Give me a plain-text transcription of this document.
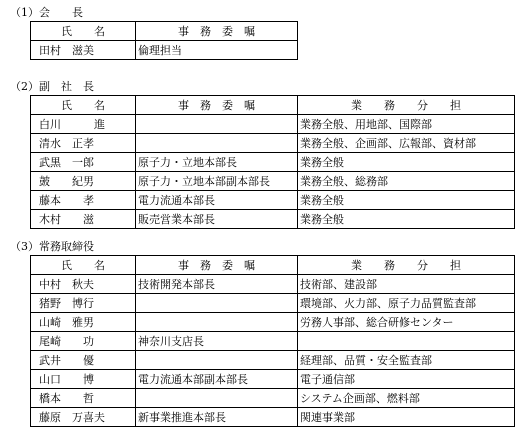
（1）会　　長
氏　　名	事　務　委　嘱
田村　滋美	倫理担当
（2）副　社　長
氏　　名	事　務　委　嘱	業　　務　　分　　担
白川　　　進		業務全般、用地部、国際部
清水　正孝		業務全般、企画部、広報部、資材部
武黒　一郎	原子力・立地本部長	業務全般
皷　　紀男	原子力・立地本部副本部長	業務全般、総務部
藤本　　孝	電力流通本部長	業務全般
木村　　滋	販売営業本部長	業務全般
（3）常務取締役
氏　　名	事　務　委　嘱	業　　務　　分　　担
中村　秋夫	技術開発本部長	技術部、建設部
猪野　博行		環境部、火力部、原子力品質監査部
山崎　雅男		労務人事部、総合研修センター
尾崎　　功	神奈川支店長	
武井　　優		経理部、品質・安全監査部
山口　　博	電力流通本部副本部長	電子通信部
橋本　　哲		システム企画部、燃料部
藤原　万喜夫	新事業推進本部長	関連事業部
